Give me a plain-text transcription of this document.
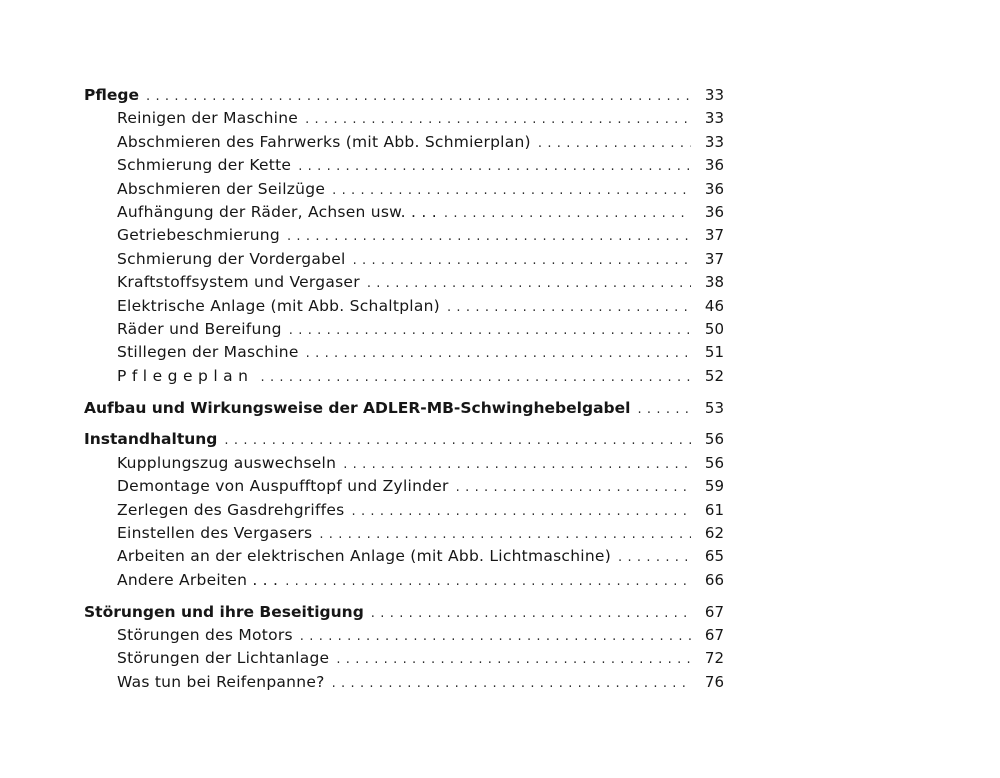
Pflege . . .	33
Reinigen der Maschine . . .	33
Abschmieren des Fahrwerks (mit Abb. Schmierplan) . . .	33
Schmierung der Kette . . .	36
Abschmieren der Seilzüge . . .	36
Aufhängung der Räder, Achsen usw. . . . . . .	36
Getriebeschmierung . . .	37
Schmierung der Vordergabel . . .	37
Kraftstoffsystem und Vergaser . . .	38
Elektrische Anlage (mit Abb. Schaltplan) . . .	46
Räder und Bereifung . . .	50
Stillegen der Maschine . . .	51
Pflegeplan . . .	52
Aufbau und Wirkungsweise der ADLER-MB-Schwinghebelgabel . . .	53
Instandhaltung . . .	56
Kupplungszug auswechseln . . .	56
Demontage von Auspufftopf und Zylinder . . .	59
Zerlegen des Gasdrehgriffes . . .	61
Einstellen des Vergasers . . .	62
Arbeiten an der elektrischen Anlage (mit Abb. Lichtmaschine) . . .	65
Andere Arbeiten . . . . . .	66
Störungen und ihre Beseitigung . . .	67
Störungen des Motors . . .	67
Störungen der Lichtanlage . . .	72
Was tun bei Reifenpanne? . . .	76
